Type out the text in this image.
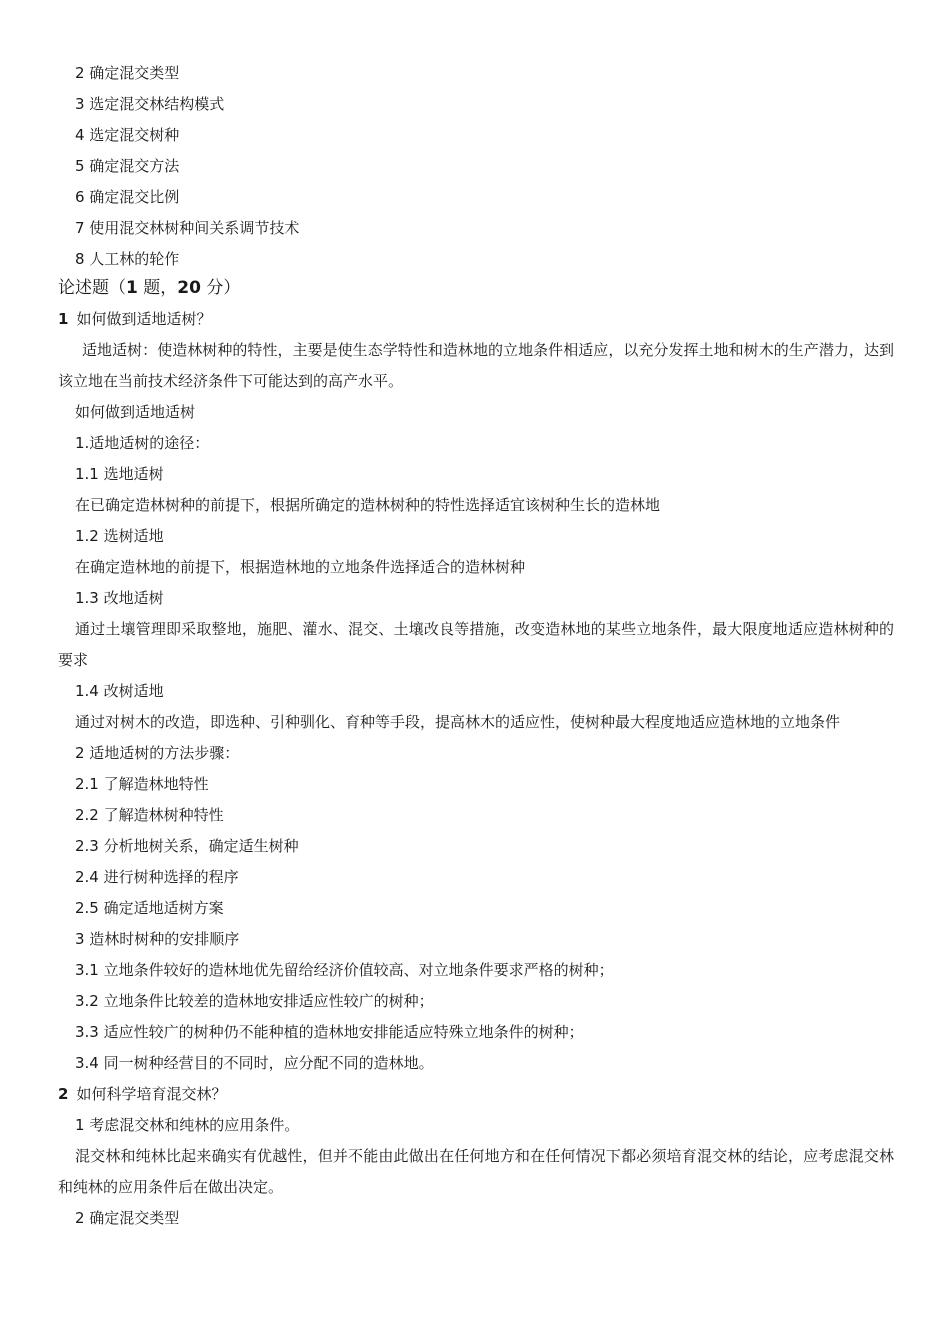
2 确定混交类型
3 选定混交林结构模式
4 选定混交树种
5 确定混交方法
6 确定混交比例
7 使用混交林树种间关系调节技术
8 人工林的轮作
论述题（1 题，20 分）
1 如何做到适地适树？

适地适树：使造林树种的特性，主要是使生态学特性和造林地的立地条件相适应，以充分发挥土地和树木的生产潜力，达到该立地在当前技术经济条件下可能达到的高产水平。

如何做到适地适树
1.适地适树的途径：
1.1 选地适树
在已确定造林树种的前提下，根据所确定的造林树种的特性选择适宜该树种生长的造林地
1.2 选树适地
在确定造林地的前提下，根据造林地的立地条件选择适合的造林树种
1.3 改地适树

通过土壤管理即采取整地，施肥、灌水、混交、土壤改良等措施，改变造林地的某些立地条件，最大限度地适应造林树种的要求

1.4 改树适地

通过对树木的改造，即选种、引种驯化、育种等手段，提高林木的适应性，使树种最大程度地适应造林地的立地条件

2 适地适树的方法步骤：
2.1 了解造林地特性
2.2 了解造林树种特性
2.3 分析地树关系，确定适生树种
2.4 进行树种选择的程序
2.5 确定适地适树方案
3 造林时树种的安排顺序
3.1 立地条件较好的造林地优先留给经济价值较高、对立地条件要求严格的树种；
3.2 立地条件比较差的造林地安排适应性较广的树种；
3.3 适应性较广的树种仍不能种植的造林地安排能适应特殊立地条件的树种；
3.4 同一树种经营目的不同时，应分配不同的造林地。
2 如何科学培育混交林？
1 考虑混交林和纯林的应用条件。

混交林和纯林比起来确实有优越性，但并不能由此做出在任何地方和在任何情况下都必须培育混交林的结论，应考虑混交林和纯林的应用条件后在做出决定。

2 确定混交类型
